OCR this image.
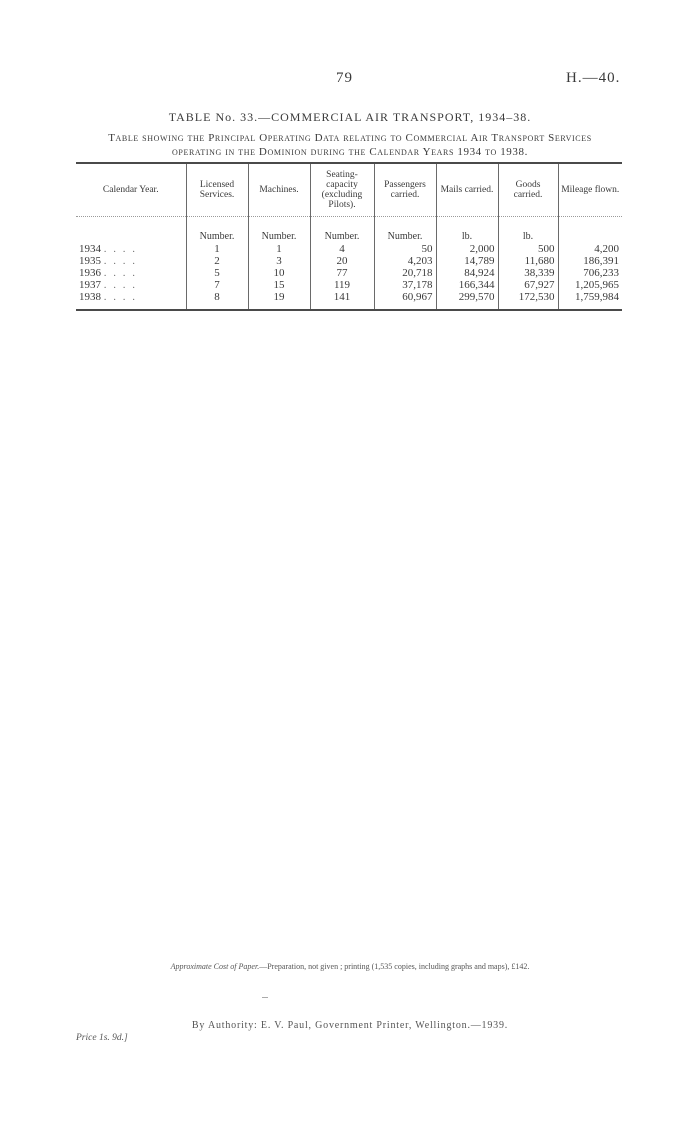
79	H.—40.
TABLE No. 33.—COMMERCIAL AIR TRANSPORT, 1934–38.
Table showing the Principal Operating Data relating to Commercial Air Transport Services
operating in the Dominion during the Calendar Years 1934 to 1938.
Calendar Year.	Licensed Services.	Machines.	Seating-capacity (excluding Pilots).	Passengers carried.	Mails carried.	Goods carried.	Mileage flown.
	Number.	Number.	Number.	Number.	lb.	lb.	
1934 . . . .	1	1	4	50	2,000	500	4,200
1935 . . . .	2	3	20	4,203	14,789	11,680	186,391
1936 . . . .	5	10	77	20,718	84,924	38,339	706,233
1937 . . . .	7	15	119	37,178	166,344	67,927	1,205,965
1938 . . . .	8	19	141	60,967	299,570	172,530	1,759,984
Approximate Cost of Paper.—Preparation, not given ; printing (1,535 copies, including graphs and maps), £142.
By Authority: E. V. Paul, Government Printer, Wellington.—1939.
Price 1s. 9d.]
